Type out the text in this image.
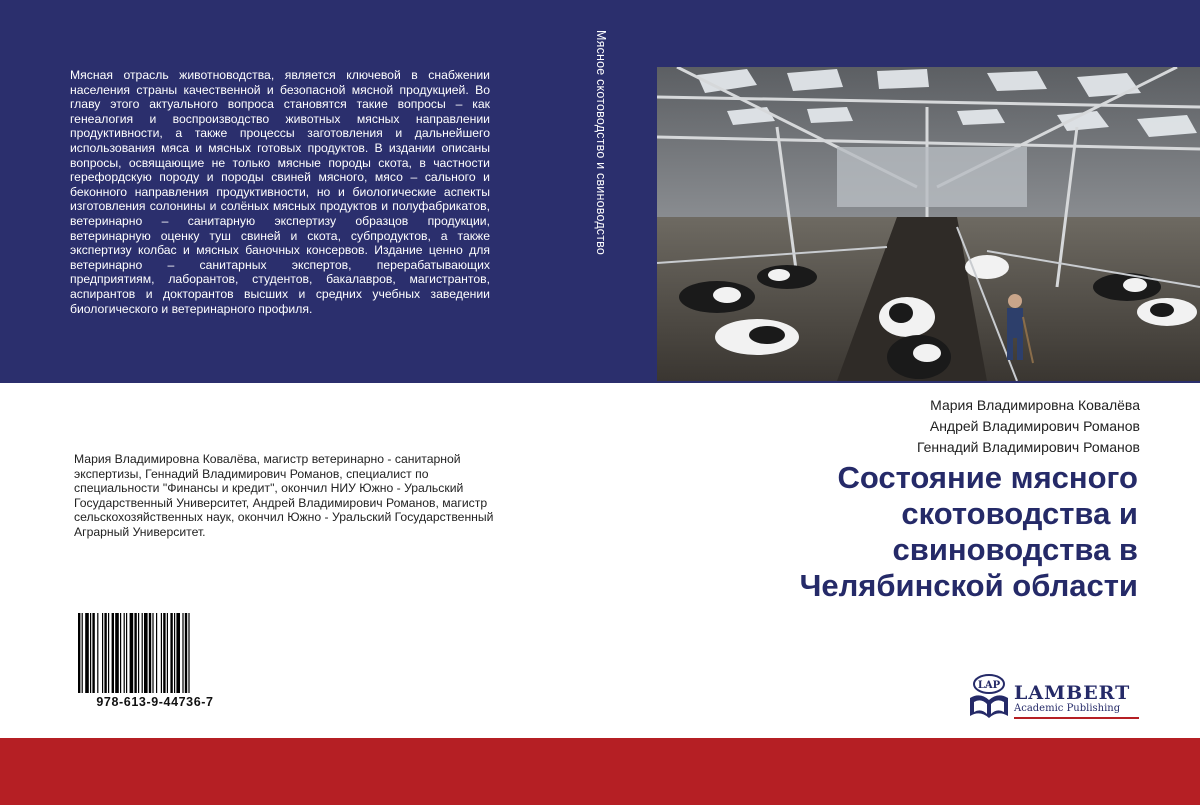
Мясная отрасль животноводства, является ключевой в снабжении населения страны качественной и безопасной мясной продукцией. Во главу этого актуального вопроса становятся такие вопросы – как генеалогия и воспроизводство животных мясных направлении продуктивности, а также процессы заготовления и дальнейшего использования мяса и мясных готовых продуктов. В издании описаны вопросы, освящающие не только мясные породы скота, в частности герефордскую породу и породы свиней мясного, мясо – сального и беконного направления продуктивности, но и биологические аспекты изготовления солонины и солёных мясных продуктов и полуфабрикатов, ветеринарно – санитарную экспертизу образцов продукции, ветеринарную оценку туш свиней и скота, субпродуктов, а также экспертизу колбас и мясных баночных консервов. Издание ценно для ветеринарно – санитарных экспертов, перерабатывающих предприятиям, лаборантов, студентов, бакалавров, магистрантов, аспирантов и докторантов высших и средних учебных заведении биологического и ветеринарного профиля.

Мясное скотоводство и свиноводство
Мария Владимировна Ковалёва
Андрей Владимирович Романов
Геннадий Владимирович Романов
Состояние мясного
скотоводства и
свиноводства в
Челябинской области

Мария Владимировна Ковалёва, магистр ветеринарно - санитарной экспертизы, Геннадий Владимирович Романов, специалист по специальности "Финансы и кредит", окончил НИУ Южно - Уральский Государственный Университет, Андрей Владимирович Романов, магистр сельскохозяйственных наук, окончил Южно - Уральский Государственный Аграрный Университет.

978-613-9-44736-7
LAP LAMBERT
Academic Publishing
